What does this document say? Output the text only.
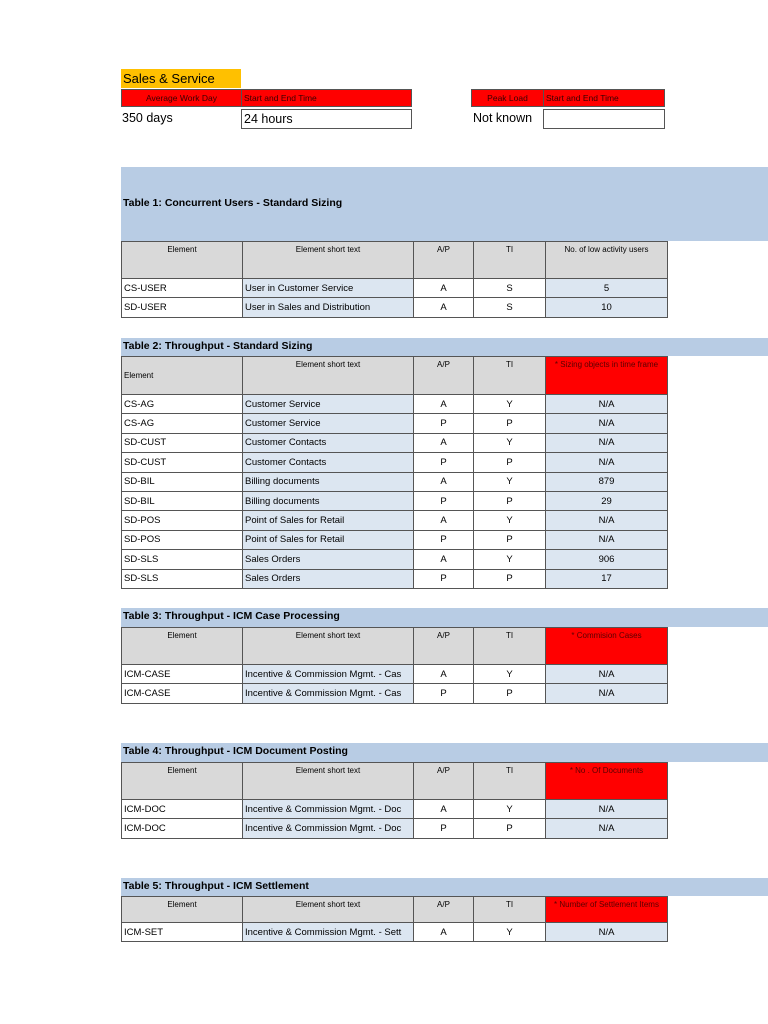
Sales & Service
Average Work Day	Start and End Time
350 days	24 hours
Peak Load	Start and End Time
Not known
Table 1: Concurrent Users - Standard Sizing
Element	Element short text	A/P	TI	No. of low activity users
CS-USER	User in Customer Service	A	S	5
SD-USER	User in Sales and Distribution	A	S	10
Table 2: Throughput - Standard Sizing
Element	Element short text	A/P	TI	* Sizing objects in time frame
CS-AG	Customer Service	A	Y	N/A
CS-AG	Customer Service	P	P	N/A
SD-CUST	Customer Contacts	A	Y	N/A
SD-CUST	Customer Contacts	P	P	N/A
SD-BIL	Billing documents	A	Y	879
SD-BIL	Billing documents	P	P	29
SD-POS	Point of Sales for Retail	A	Y	N/A
SD-POS	Point of Sales for Retail	P	P	N/A
SD-SLS	Sales Orders	A	Y	906
SD-SLS	Sales Orders	P	P	17
Table 3: Throughput - ICM Case Processing
Element	Element short text	A/P	TI	* Commision Cases
ICM-CASE	Incentive & Commission Mgmt. - Cas	A	Y	N/A
ICM-CASE	Incentive & Commission Mgmt. - Cas	P	P	N/A
Table 4: Throughput - ICM Document Posting
Element	Element short text	A/P	TI	* No . Of Documents
ICM-DOC	Incentive & Commission Mgmt. - Doc	A	Y	N/A
ICM-DOC	Incentive & Commission Mgmt. - Doc	P	P	N/A
Table 5: Throughput - ICM Settlement
Element	Element short text	A/P	TI	* Number of Settlement Items
ICM-SET	Incentive & Commission Mgmt. - Sett	A	Y	N/A
